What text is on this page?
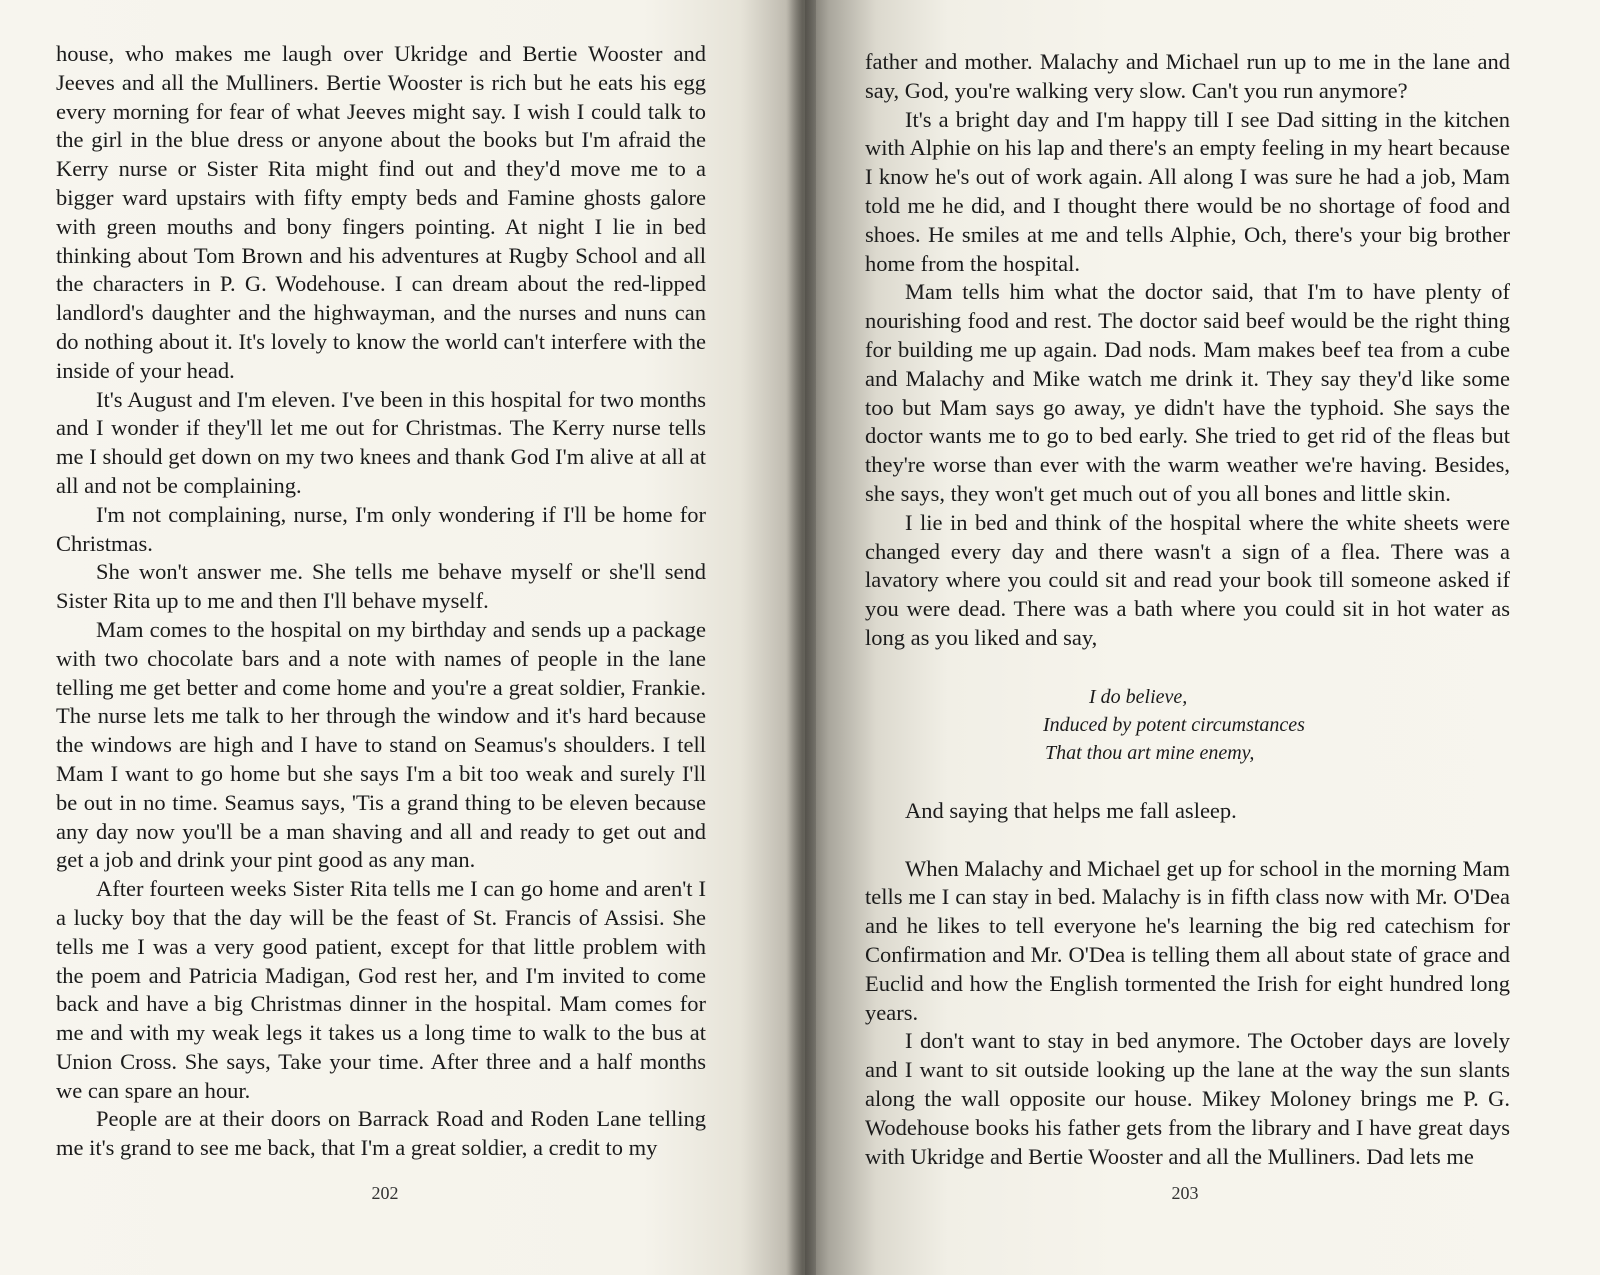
house, who makes me laugh over Ukridge and Bertie Wooster and Jeeves and all the Mulliners. Bertie Wooster is rich but he eats his egg every morning for fear of what Jeeves might say. I wish I could talk to the girl in the blue dress or anyone about the books but I'm afraid the Kerry nurse or Sister Rita might find out and they'd move me to a bigger ward upstairs with fifty empty beds and Famine ghosts galore with green mouths and bony fingers pointing. At night I lie in bed thinking about Tom Brown and his adventures at Rugby School and all the characters in P. G. Wodehouse. I can dream about the red-lipped landlord's daughter and the highwayman, and the nurses and nuns can do nothing about it. It's lovely to know the world can't interfere with the inside of your head.

It's August and I'm eleven. I've been in this hospital for two months and I wonder if they'll let me out for Christmas. The Kerry nurse tells me I should get down on my two knees and thank God I'm alive at all at all and not be complaining.

I'm not complaining, nurse, I'm only wondering if I'll be home for Christmas.

She won't answer me. She tells me behave myself or she'll send Sister Rita up to me and then I'll behave myself.

Mam comes to the hospital on my birthday and sends up a package with two chocolate bars and a note with names of people in the lane telling me get better and come home and you're a great soldier, Frankie. The nurse lets me talk to her through the window and it's hard because the windows are high and I have to stand on Seamus's shoulders. I tell Mam I want to go home but she says I'm a bit too weak and surely I'll be out in no time. Seamus says, 'Tis a grand thing to be eleven because any day now you'll be a man shaving and all and ready to get out and get a job and drink your pint good as any man.

After fourteen weeks Sister Rita tells me I can go home and aren't I a lucky boy that the day will be the feast of St. Francis of Assisi. She tells me I was a very good patient, except for that little problem with the poem and Patricia Madigan, God rest her, and I'm invited to come back and have a big Christmas dinner in the hospital. Mam comes for me and with my weak legs it takes us a long time to walk to the bus at Union Cross. She says, Take your time. After three and a half months we can spare an hour.

People are at their doors on Barrack Road and Roden Lane telling me it's grand to see me back, that I'm a great soldier, a credit to my

202

father and mother. Malachy and Michael run up to me in the lane and say, God, you're walking very slow. Can't you run anymore?

It's a bright day and I'm happy till I see Dad sitting in the kitchen with Alphie on his lap and there's an empty feeling in my heart because I know he's out of work again. All along I was sure he had a job, Mam told me he did, and I thought there would be no shortage of food and shoes. He smiles at me and tells Alphie, Och, there's your big brother home from the hospital.

Mam tells him what the doctor said, that I'm to have plenty of nourishing food and rest. The doctor said beef would be the right thing for building me up again. Dad nods. Mam makes beef tea from a cube and Malachy and Mike watch me drink it. They say they'd like some too but Mam says go away, ye didn't have the typhoid. She says the doctor wants me to go to bed early. She tried to get rid of the fleas but they're worse than ever with the warm weather we're having. Besides, she says, they won't get much out of you all bones and little skin.

I lie in bed and think of the hospital where the white sheets were changed every day and there wasn't a sign of a flea. There was a lavatory where you could sit and read your book till someone asked if you were dead. There was a bath where you could sit in hot water as long as you liked and say,

I do believe,
Induced by potent circumstances
That thou art mine enemy,

And saying that helps me fall asleep.

When Malachy and Michael get up for school in the morning Mam tells me I can stay in bed. Malachy is in fifth class now with Mr. O'Dea and he likes to tell everyone he's learning the big red catechism for Confirmation and Mr. O'Dea is telling them all about state of grace and Euclid and how the English tormented the Irish for eight hundred long years.

I don't want to stay in bed anymore. The October days are lovely and I want to sit outside looking up the lane at the way the sun slants along the wall opposite our house. Mikey Moloney brings me P. G. Wodehouse books his father gets from the library and I have great days with Ukridge and Bertie Wooster and all the Mulliners. Dad lets me

203
